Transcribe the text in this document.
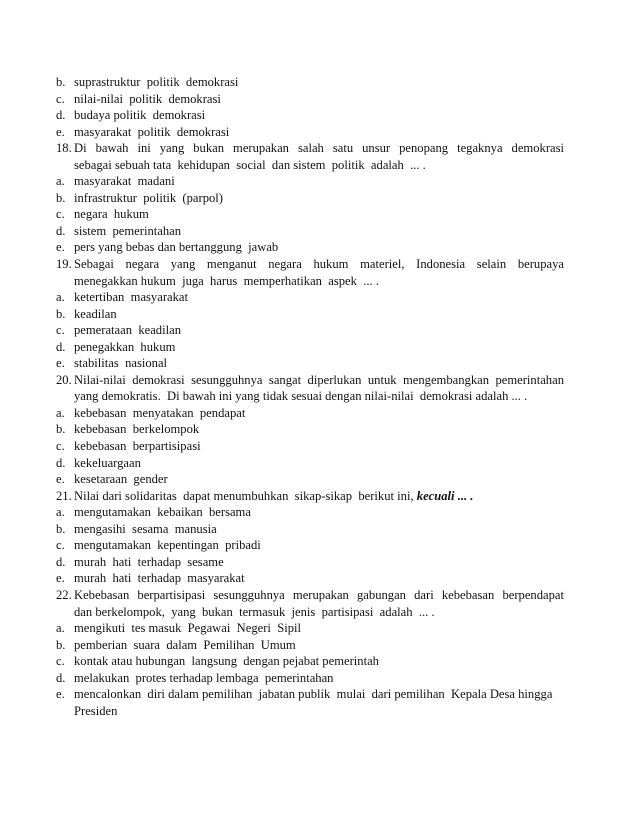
b. suprastruktur  politik  demokrasi
c. nilai-nilai  politik  demokrasi
d. budaya politik  demokrasi
e. masyarakat  politik  demokrasi
18. Di  bawah  ini  yang  bukan  merupakan  salah  satu  unsur  penopang  tegaknya  demokrasi  sebagai sebuah tata  kehidupan  social  dan sistem  politik  adalah  ... .
a. masyarakat  madani
b. infrastruktur  politik  (parpol)
c. negara  hukum
d. sistem  pemerintahan
e. pers yang bebas dan bertanggung  jawab
19. Sebagai  negara  yang  menganut  negara  hukum  materiel,  Indonesia  selain  berupaya  menegakkan hukum  juga  harus  memperhatikan  aspek  ... .
a. ketertiban  masyarakat
b. keadilan
c. pemerataan  keadilan
d. penegakkan  hukum
e. stabilitas  nasional
20. Nilai-nilai  demokrasi  sesungguhnya  sangat  diperlukan  untuk  mengembangkan  pemerintahan yang demokratis.  Di bawah ini yang tidak sesuai dengan nilai-nilai  demokrasi adalah ... .
a. kebebasan  menyatakan  pendapat
b. kebebasan  berkelompok
c. kebebasan  berpartisipasi
d. kekeluargaan
e. kesetaraan  gender
21. Nilai dari solidaritas  dapat menumbuhkan  sikap-sikap  berikut ini, kecuali ... .
a. mengutamakan  kebaikan  bersama
b. mengasihi  sesama  manusia
c. mengutamakan  kepentingan  pribadi
d. murah  hati  terhadap  sesame
e. murah  hati  terhadap  masyarakat
22. Kebebasan  berpartisipasi  sesungguhnya  merupakan  gabungan  dari  kebebasan  berpendapat  dan berkelompok,  yang  bukan  termasuk  jenis  partisipasi  adalah  ... .
a. mengikuti  tes masuk  Pegawai  Negeri  Sipil
b. pemberian  suara  dalam  Pemilihan  Umum
c. kontak atau hubungan  langsung  dengan pejabat pemerintah
d. melakukan  protes terhadap lembaga  pemerintahan
e. mencalonkan  diri dalam pemilihan  jabatan publik  mulai  dari pemilihan  Kepala Desa hingga Presiden
